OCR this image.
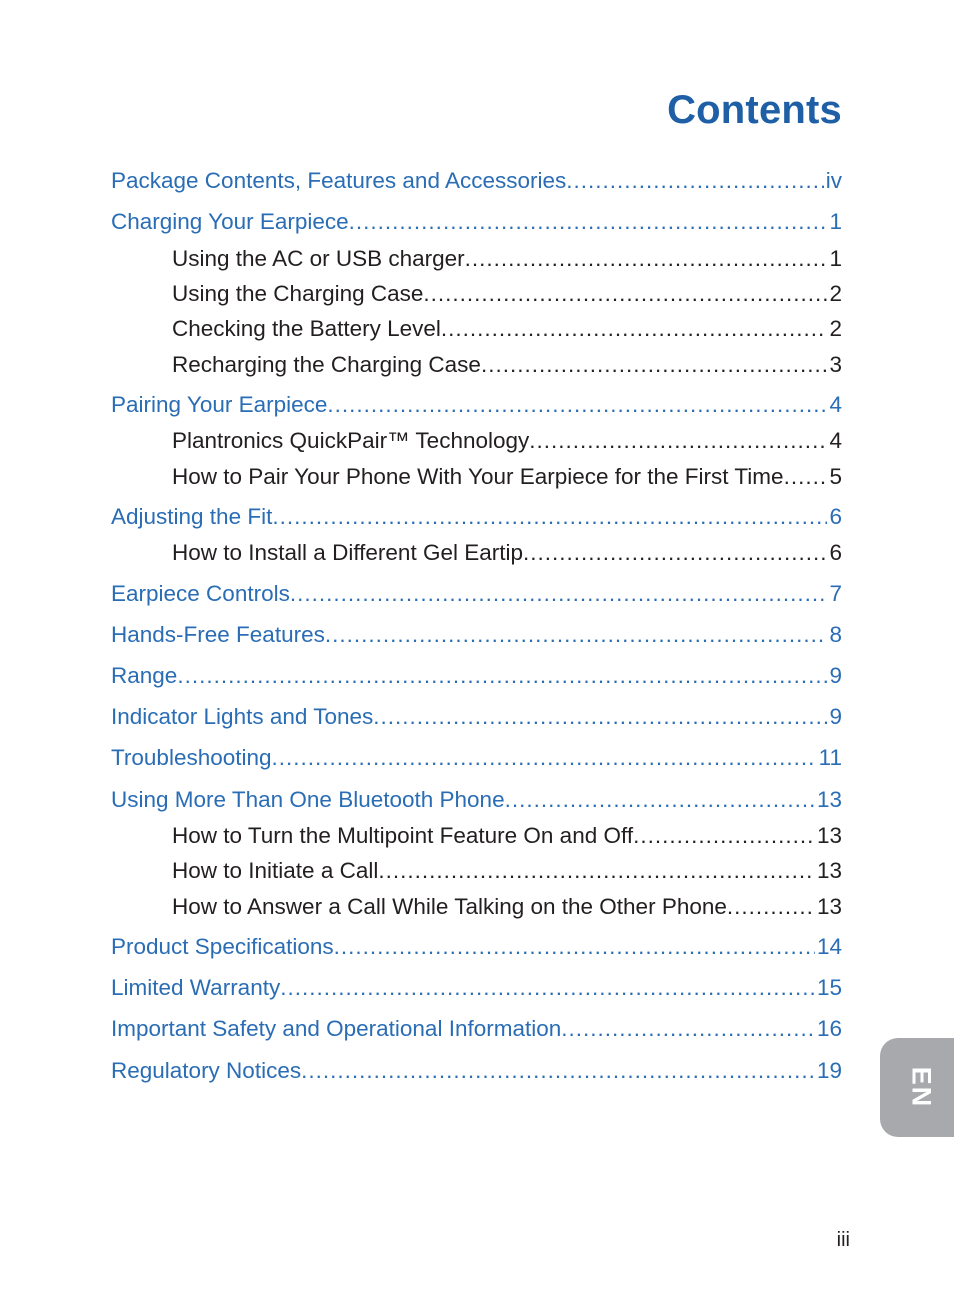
Contents
Package Contents, Features and Accessories .....	iv
Charging Your Earpiece .....	1
Using the AC or USB charger .....	1
Using the Charging Case .....	2
Checking the Battery Level .....	2
Recharging the Charging Case .....	3
Pairing Your Earpiece .....	4
Plantronics QuickPair™ Technology .....	4
How to Pair Your Phone With Your Earpiece for the First Time ..... 5
Adjusting the Fit .....	6
How to Install a Different Gel Eartip .....	6
Earpiece Controls .....	7
Hands-Free Features .....	8
Range .....	9
Indicator Lights and Tones .....	9
Troubleshooting .....	11
Using More Than One Bluetooth Phone .....	13
How to Turn the Multipoint Feature On and Off .....	13
How to Initiate a Call .....	13
How to Answer a Call While Talking on the Other Phone .....	13
Product Specifications .....	14
Limited Warranty .....	15
Important Safety and Operational Information .....	16
Regulatory Notices .....	19	EN
iii
